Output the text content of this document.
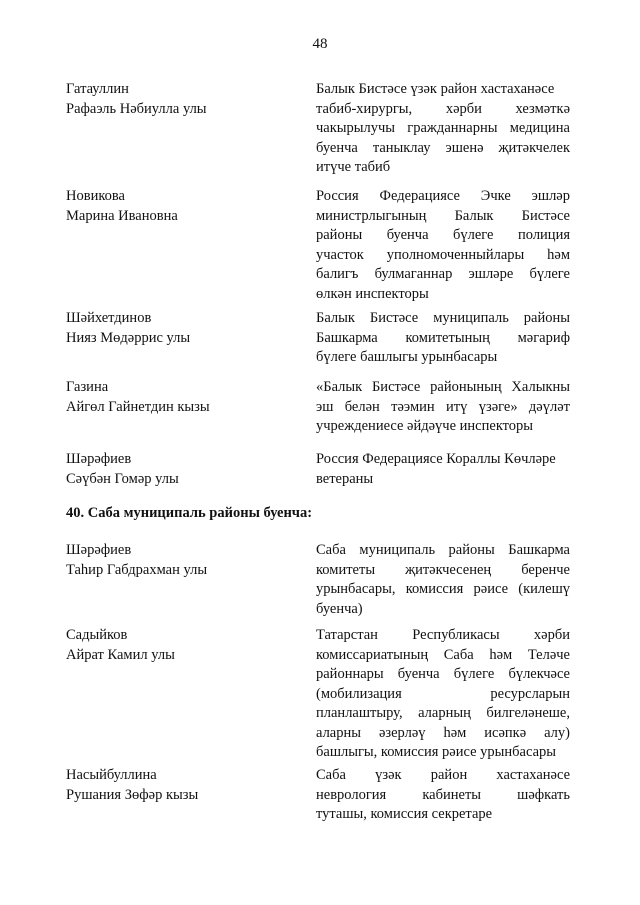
48
Гатауллин
Рафаэль Нәбиулла улы
Балык Бистәсе үзәк район хастаханәсе
табиб-хирургы, хәрби хезмәткә
чакырылучы гражданнарны медицина
буенча таныклау эшенә җитәкчелек
итүче табиб
Новикова
Марина Ивановна
Россия Федерациясе Эчке эшләр
министрлыгының Балык Бистәсе
районы буенча бүлеге полиция
участок уполномоченныйлары һәм
балигъ булмаганнар эшләре бүлеге
өлкән инспекторы
Шәйхетдинов
Нияз Мөдәррис улы
Балык Бистәсе муниципаль районы
Башкарма комитетының мәгариф
бүлеге башлыгы урынбасары
Газина
Айгөл Гайнетдин кызы
«Балык Бистәсе районының Халыкны
эш белән тәэмин итү үзәге» дәүләт
учреждениесе әйдәүче инспекторы
Шәрәфиев
Сәүбән Гомәр улы
Россия Федерациясе Кораллы Көчләре
ветераны
40. Саба муниципаль районы буенча:
Шәрәфиев
Таһир Габдрахман улы
Саба муниципаль районы Башкарма
комитеты җитәкчесенең беренче
урынбасары, комиссия рәисе (килешү
буенча)
Садыйков
Айрат Камил улы
Татарстан Республикасы хәрби
комиссариатының Саба һәм Теләче
районнары буенча бүлеге бүлекчәсе
(мобилизация ресурсларын
планлаштыру, аларның билгеләнеше,
аларны әзерләү һәм исәпкә алу)
башлыгы, комиссия рәисе урынбасары
Насыйбуллина
Рушания Зөфәр кызы
Саба үзәк район хастаханәсе
неврология кабинеты шәфкать
туташы, комиссия секретаре
